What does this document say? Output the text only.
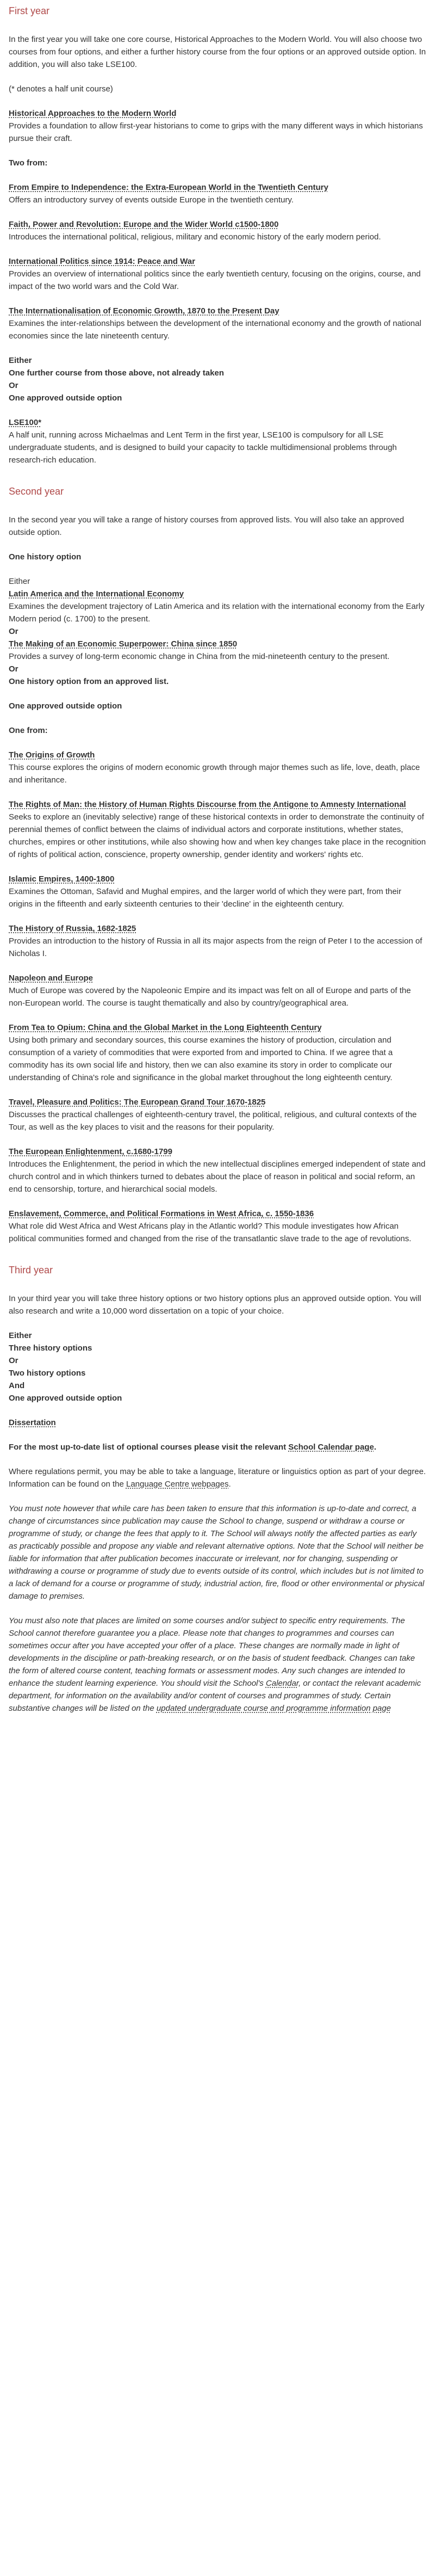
First year

In the first year you will take one core course, Historical Approaches to the Modern World. You will also choose two courses from four options, and either a further history course from the four options or an approved outside option. In addition, you will also take LSE100.

(* denotes a half unit course)

Historical Approaches to the Modern World
Provides a foundation to allow first-year historians to come to grips with the many different ways in which historians pursue their craft.

Two from:

From Empire to Independence: the Extra-European World in the Twentieth Century
Offers an introductory survey of events outside Europe in the twentieth century.
Faith, Power and Revolution: Europe and the Wider World c1500-1800
Introduces the international political, religious, military and economic history of the early modern period.
International Politics since 1914: Peace and War
Provides an overview of international politics since the early twentieth century, focusing on the origins, course, and impact of the two world wars and the Cold War.
The Internationalisation of Economic Growth, 1870 to the Present Day
Examines the inter-relationships between the development of the international economy and the growth of national economies since the late nineteenth century.
Either
One further course from those above, not already taken
Or
One approved outside option
LSE100*
A half unit, running across Michaelmas and Lent Term in the first year, LSE100 is compulsory for all LSE undergraduate students, and is designed to build your capacity to tackle multidimensional problems through research-rich education.
Second year

In the second year you will take a range of history courses from approved lists. You will also take an approved outside option.

One history option

Either
Latin America and the International Economy
Examines the development trajectory of Latin America and its relation with the international economy from the Early Modern period (c. 1700) to the present.
Or
The Making of an Economic Superpower: China since 1850
Provides a survey of long-term economic change in China from the mid-nineteenth century to the present.
Or
One history option from an approved list.

One approved outside option

One from:

The Origins of Growth
This course explores the origins of modern economic growth through major themes such as life, love, death, place and inheritance.
The Rights of Man: the History of Human Rights Discourse from the Antigone to Amnesty International
Seeks to explore an (inevitably selective) range of these historical contexts in order to demonstrate the continuity of perennial themes of conflict between the claims of individual actors and corporate institutions, whether states, churches, empires or other institutions, while also showing how and when key changes take place in the recognition of rights of political action, conscience, property ownership, gender identity and workers' rights etc.
Islamic Empires, 1400-1800
Examines the Ottoman, Safavid and Mughal empires, and the larger world of which they were part, from their origins in the fifteenth and early sixteenth centuries to their 'decline' in the eighteenth century.
The History of Russia, 1682-1825
Provides an introduction to the history of Russia in all its major aspects from the reign of Peter I to the accession of Nicholas I.
Napoleon and Europe
Much of Europe was covered by the Napoleonic Empire and its impact was felt on all of Europe and parts of the non-European world. The course is taught thematically and also by country/geographical area.
From Tea to Opium: China and the Global Market in the Long Eighteenth Century
Using both primary and secondary sources, this course examines the history of production, circulation and consumption of a variety of commodities that were exported from and imported to China. If we agree that a commodity has its own social life and history, then we can also examine its story in order to complicate our understanding of China's role and significance in the global market throughout the long eighteenth century.
Travel, Pleasure and Politics: The European Grand Tour 1670-1825
Discusses the practical challenges of eighteenth-century travel, the political, religious, and cultural contexts of the Tour, as well as the key places to visit and the reasons for their popularity.
The European Enlightenment, c.1680-1799
Introduces the Enlightenment, the period in which the new intellectual disciplines emerged independent of state and church control and in which thinkers turned to debates about the place of reason in political and social reform, an end to censorship, torture, and hierarchical social models.
Enslavement, Commerce, and Political Formations in West Africa, c. 1550-1836
What role did West Africa and West Africans play in the Atlantic world? This module investigates how African political communities formed and changed from the rise of the transatlantic slave trade to the age of revolutions.
Third year

In your third year you will take three history options or two history options plus an approved outside option. You will also research and write a 10,000 word dissertation on a topic of your choice.

Either
Three history options
Or
Two history options
And
One approved outside option
Dissertation

For the most up-to-date list of optional courses please visit the relevant School Calendar page.

Where regulations permit, you may be able to take a language, literature or linguistics option as part of your degree. Information can be found on the Language Centre webpages.

You must note however that while care has been taken to ensure that this information is up-to-date and correct, a change of circumstances since publication may cause the School to change, suspend or withdraw a course or programme of study, or change the fees that apply to it. The School will always notify the affected parties as early as practicably possible and propose any viable and relevant alternative options. Note that the School will neither be liable for information that after publication becomes inaccurate or irrelevant, nor for changing, suspending or withdrawing a course or programme of study due to events outside of its control, which includes but is not limited to a lack of demand for a course or programme of study, industrial action, fire, flood or other environmental or physical damage to premises.

You must also note that places are limited on some courses and/or subject to specific entry requirements. The School cannot therefore guarantee you a place. Please note that changes to programmes and courses can sometimes occur after you have accepted your offer of a place. These changes are normally made in light of developments in the discipline or path-breaking research, or on the basis of student feedback. Changes can take the form of altered course content, teaching formats or assessment modes. Any such changes are intended to enhance the student learning experience. You should visit the School's Calendar, or contact the relevant academic department, for information on the availability and/or content of courses and programmes of study. Certain substantive changes will be listed on the updated undergraduate course and programme information page
